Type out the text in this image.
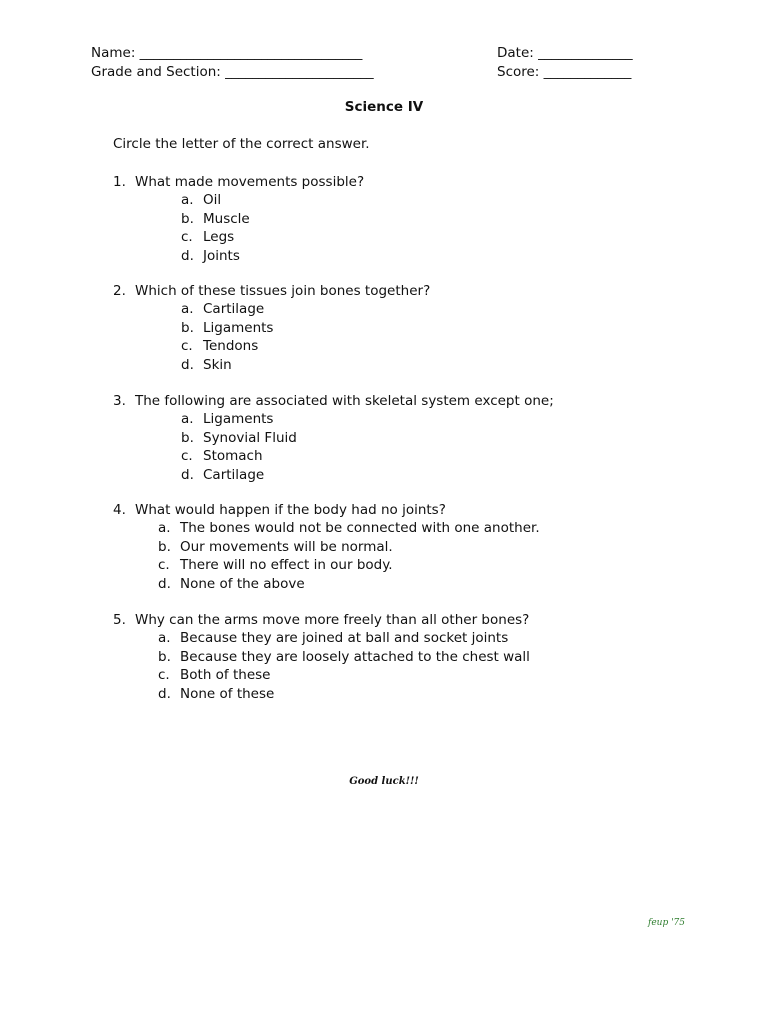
Name: _________________________________	Date: ______________
Grade and Section: ______________________	Score: _____________
Science IV
Circle the letter of the correct answer.
1. What made movements possible?
a. Oil
b. Muscle
c. Legs
d. Joints
2. Which of these tissues join bones together?
a. Cartilage
b. Ligaments
c. Tendons
d. Skin
3. The following are associated with skeletal system except one;
a. Ligaments
b. Synovial Fluid
c. Stomach
d. Cartilage
4. What would happen if the body had no joints?
a. The bones would not be connected with one another.
b. Our movements will be normal.
c. There will no effect in our body.
d. None of the above
5. Why can the arms move more freely than all other bones?
a. Because they are joined at ball and socket joints
b. Because they are loosely attached to the chest wall
c. Both of these
d. None of these
Good luck!!!
feup '75
